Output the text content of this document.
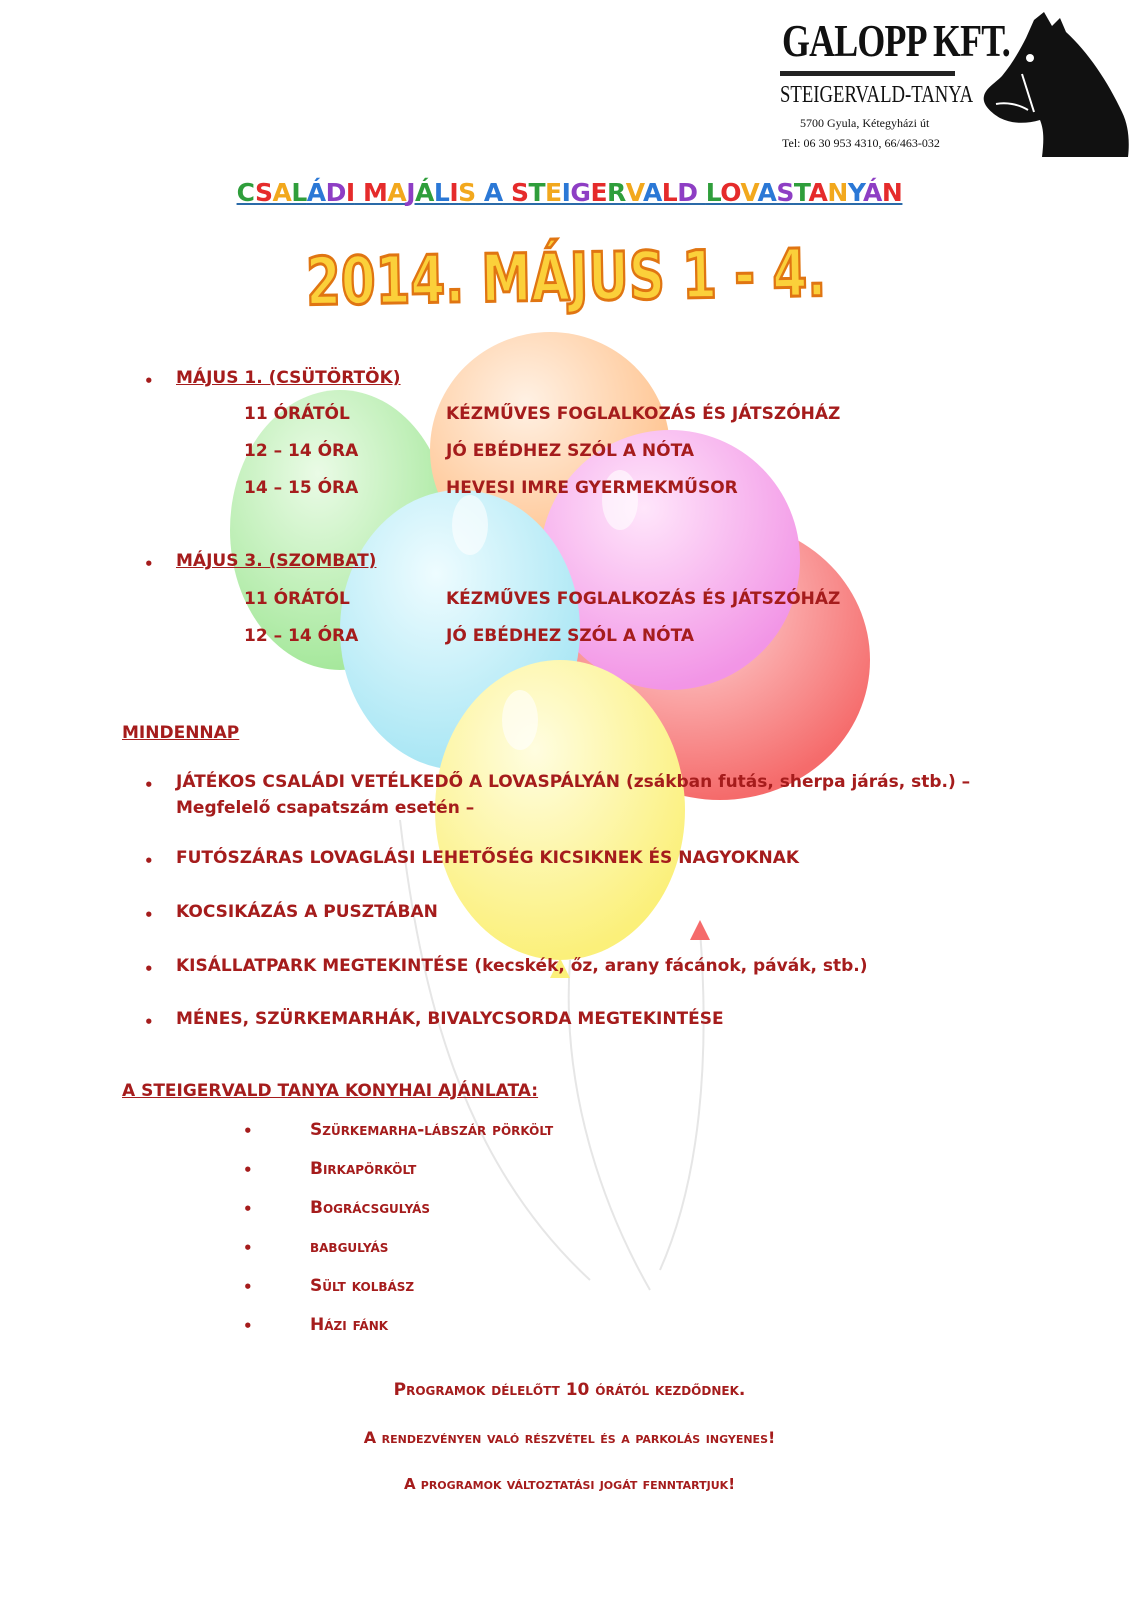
GALOPP KFT.
STEIGERVALD-TANYA
5700 Gyula, Kétegyházi út
Tel: 06 30 953 4310, 66/463-032
CSALÁDI MAJÁLIS A STEIGERVALD LOVASTANYÁN
2014. MÁJUS 1 - 4.
• MÁJUS 1. (CSÜTÖRTÖK)
11 ÓRÁTÓL	KÉZMŰVES FOGLALKOZÁS ÉS JÁTSZÓHÁZ
12 – 14 ÓRA	JÓ EBÉDHEZ SZÓL A NÓTA
14 – 15 ÓRA	HEVESI IMRE GYERMEKMŰSOR
• MÁJUS 3. (SZOMBAT)
11 ÓRÁTÓL	KÉZMŰVES FOGLALKOZÁS ÉS JÁTSZÓHÁZ
12 – 14 ÓRA	JÓ EBÉDHEZ SZÓL A NÓTA
MINDENNAP
• JÁTÉKOS CSALÁDI VETÉLKEDŐ A LOVASPÁLYÁN (zsákban futás, sherpa járás, stb.) –
Megfelelő csapatszám esetén –
• FUTÓSZÁRAS LOVAGLÁSI LEHETŐSÉG KICSIKNEK ÉS NAGYOKNAK
• KOCSIKÁZÁS A PUSZTÁBAN
• KISÁLLATPARK MEGTEKINTÉSE (kecskék, őz, arany fácánok, pávák, stb.)
• MÉNES, SZÜRKEMARHÁK, BIVALYCSORDA MEGTEKINTÉSE
A STEIGERVALD TANYA KONYHAI AJÁNLATA:
•	Szürkemarha-lábszár pörkölt
•	Birkapörkölt
•	Bográcsgulyás
•	babgulyás
•	Sült kolbász
•	Házi fánk
Programok délelőtt 10 órától kezdődnek.
A rendezvényen való részvétel és a parkolás ingyenes!
A programok változtatási jogát fenntartjuk!
